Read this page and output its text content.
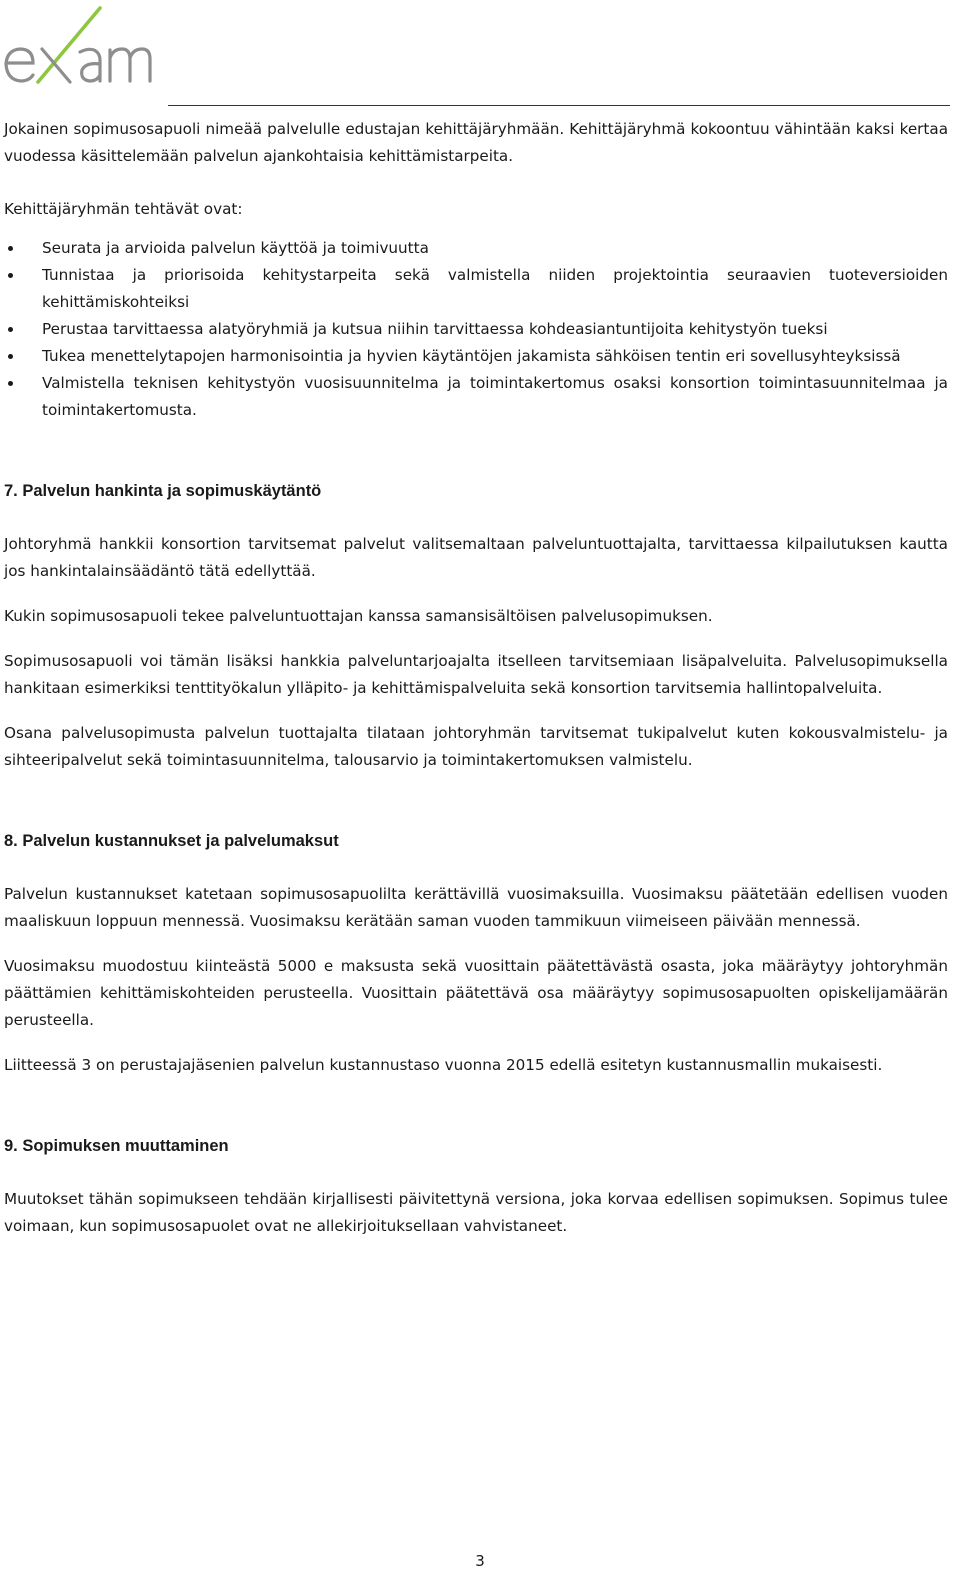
Jokainen sopimusosapuoli nimeää palvelulle edustajan kehittäjäryhmään. Kehittäjäryhmä kokoontuu vähintään kaksi kertaa vuodessa käsittelemään palvelun ajankohtaisia kehittämistarpeita.

Kehittäjäryhmän tehtävät ovat:

Seurata ja arvioida palvelun käyttöä ja toimivuutta
Tunnistaa ja priorisoida kehitystarpeita sekä valmistella niiden projektointia seuraavien tuoteversioiden kehittämiskohteiksi
Perustaa tarvittaessa alatyöryhmiä ja kutsua niihin tarvittaessa kohdeasiantuntijoita kehitystyön tueksi
Tukea menettelytapojen harmonisointia ja hyvien käytäntöjen jakamista sähköisen tentin eri sovellusyhteyksissä
Valmistella teknisen kehitystyön vuosisuunnitelma ja toimintakertomus osaksi konsortion toimintasuunnitelmaa ja toimintakertomusta.
7. Palvelun hankinta ja sopimuskäytäntö

Johtoryhmä hankkii konsortion tarvitsemat palvelut valitsemaltaan palveluntuottajalta, tarvittaessa kilpailutuksen kautta jos hankintalainsäädäntö tätä edellyttää.

Kukin sopimusosapuoli tekee palveluntuottajan kanssa samansisältöisen palvelusopimuksen.

Sopimusosapuoli voi tämän lisäksi hankkia palveluntarjoajalta itselleen tarvitsemiaan lisäpalveluita. Palvelusopimuksella hankitaan esimerkiksi tenttityökalun ylläpito- ja kehittämispalveluita sekä konsortion tarvitsemia hallintopalveluita.

Osana palvelusopimusta palvelun tuottajalta tilataan johtoryhmän tarvitsemat tukipalvelut kuten kokousvalmistelu- ja sihteeripalvelut sekä toimintasuunnitelma, talousarvio ja toimintakertomuksen valmistelu.

8. Palvelun kustannukset ja palvelumaksut

Palvelun kustannukset katetaan sopimusosapuolilta kerättävillä vuosimaksuilla. Vuosimaksu päätetään edellisen vuoden maaliskuun loppuun mennessä. Vuosimaksu kerätään saman vuoden tammikuun viimeiseen päivään mennessä.

Vuosimaksu muodostuu kiinteästä 5000 e maksusta sekä vuosittain päätettävästä osasta, joka määräytyy johtoryhmän päättämien kehittämiskohteiden perusteella. Vuosittain päätettävä osa määräytyy sopimusosapuolten opiskelijamäärän perusteella.

Liitteessä 3 on perustajajäsenien palvelun kustannustaso vuonna 2015 edellä esitetyn kustannusmallin mukaisesti.

9. Sopimuksen muuttaminen

Muutokset tähän sopimukseen tehdään kirjallisesti päivitettynä versiona, joka korvaa edellisen sopimuksen. Sopimus tulee voimaan, kun sopimusosapuolet ovat ne allekirjoituksellaan vahvistaneet.

3
